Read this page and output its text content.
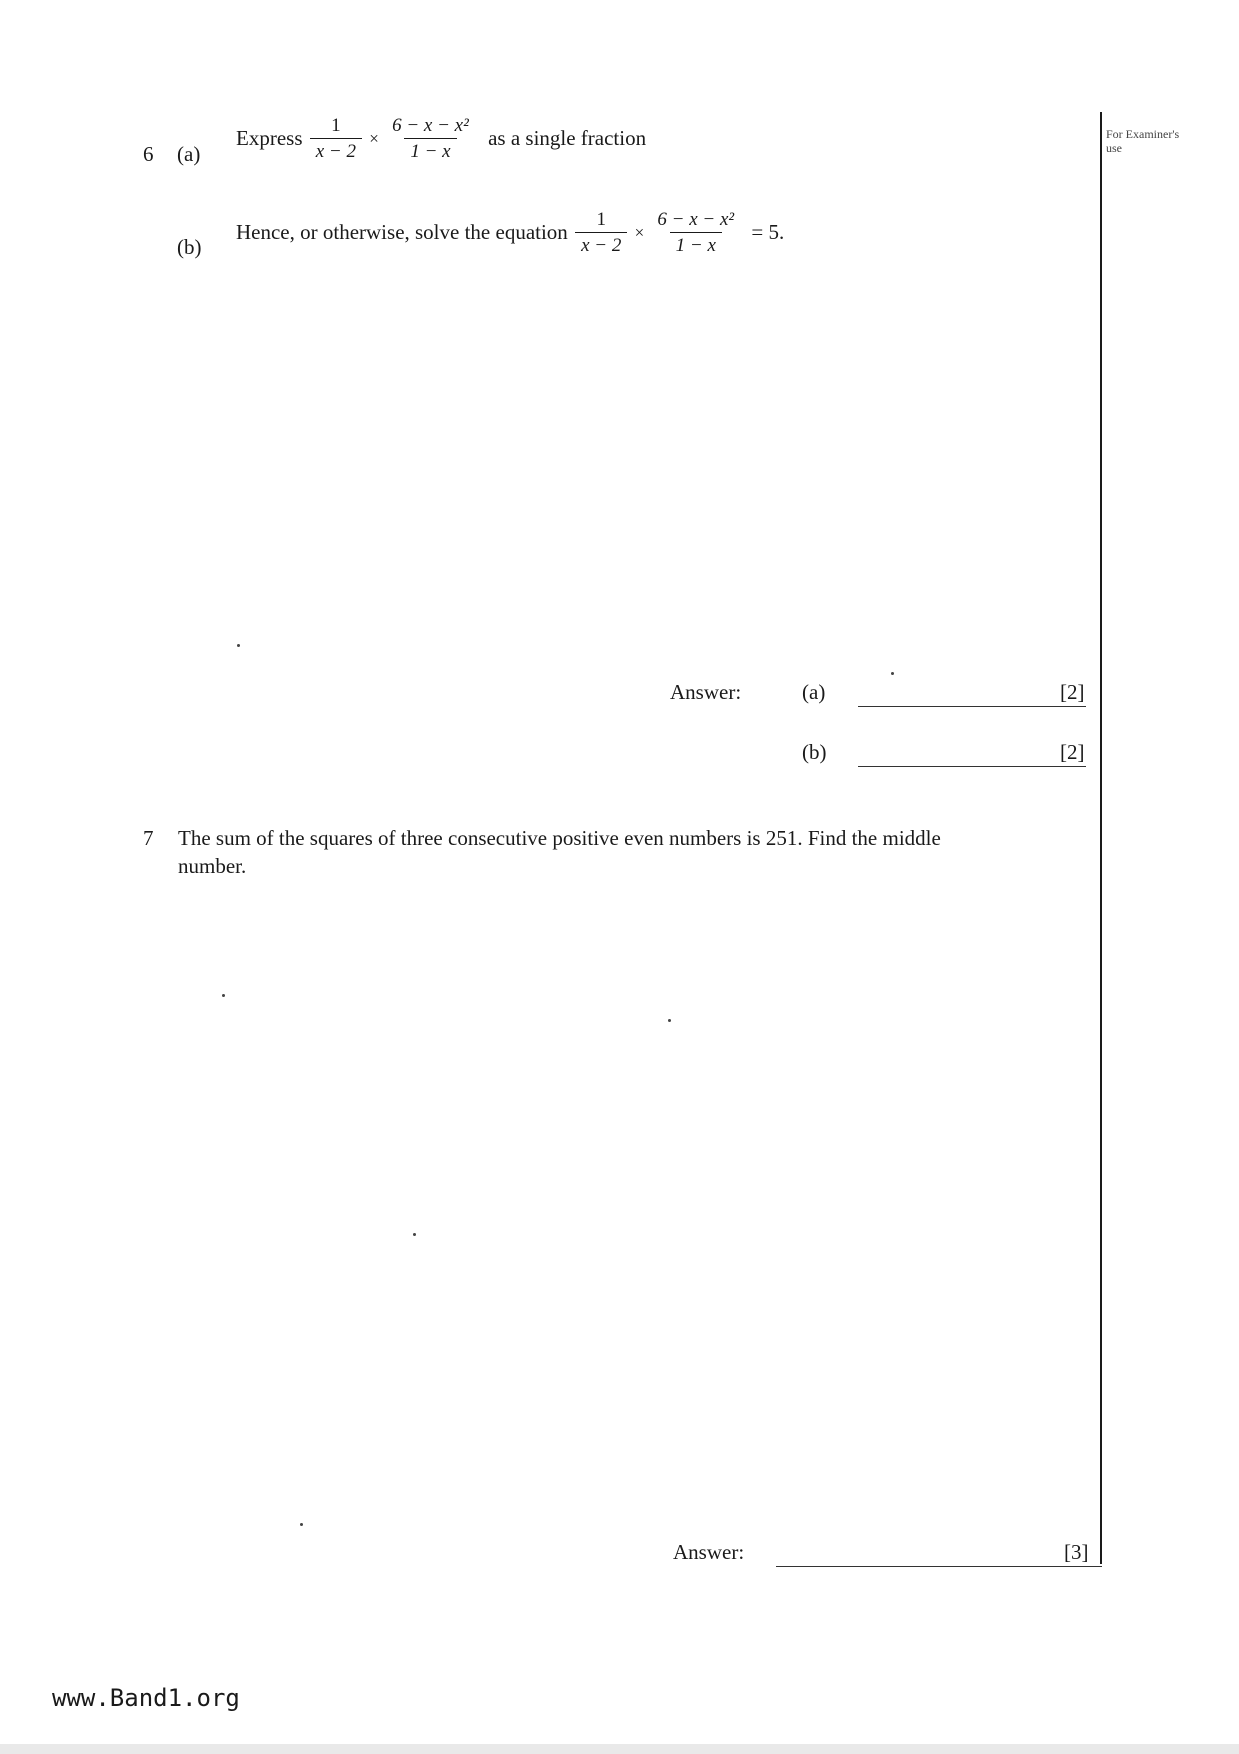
For Examiner's use
6 (a)
Express $\frac{1}{x - 2} \times \frac{\text{6 − x − x²}}{1 - x}$ as a single fraction
(b)
Hence, or otherwise, solve the equation $\frac{1}{x - 2} \times \frac{\text{6 − x − x²}}{1 - x} = 5$.
Answer:	(a)	[2]
(b)	[2]
7 The sum of the squares of three consecutive positive even numbers is 251. Find the middle
number.
Answer:	[3]
www.Band1.org
